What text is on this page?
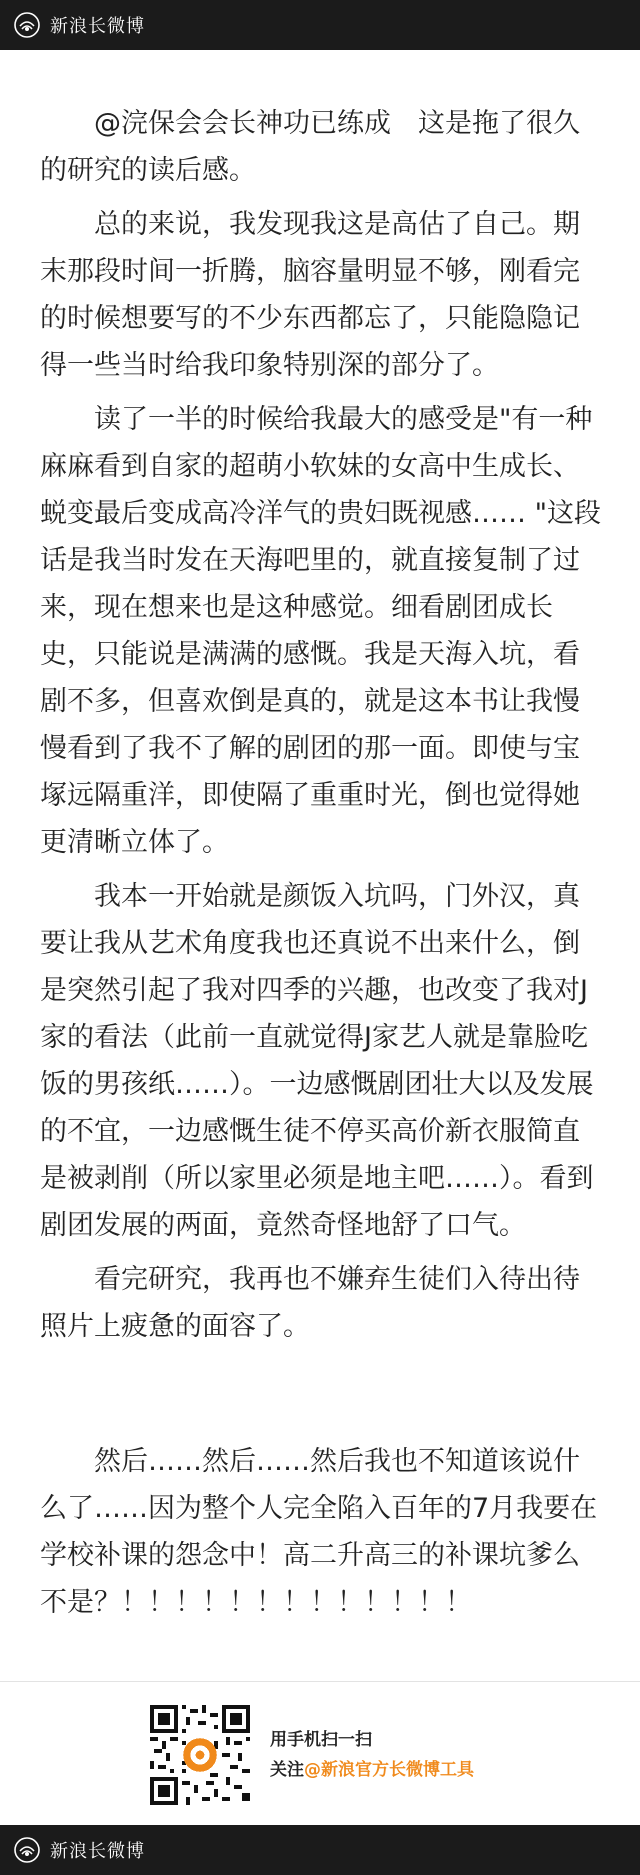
新浪长微博

@浣保会会长神功已练成　这是拖了很久的研究的读后感。

总的来说，我发现我这是高估了自己。期末那段时间一折腾，脑容量明显不够，刚看完的时候想要写的不少东西都忘了，只能隐隐记得一些当时给我印象特别深的部分了。

读了一半的时候给我最大的感受是"有一种麻麻看到自家的超萌小软妹的女高中生成长、蜕变最后变成高冷洋气的贵妇既视感…… "这段话是我当时发在天海吧里的，就直接复制了过来，现在想来也是这种感觉。细看剧团成长史，只能说是满满的感慨。我是天海入坑，看剧不多，但喜欢倒是真的，就是这本书让我慢慢看到了我不了解的剧团的那一面。即使与宝塚远隔重洋，即使隔了重重时光，倒也觉得她更清晰立体了。

我本一开始就是颜饭入坑吗，门外汉，真要让我从艺术角度我也还真说不出来什么，倒是突然引起了我对四季的兴趣，也改变了我对J家的看法（此前一直就觉得J家艺人就是靠脸吃饭的男孩纸……）。一边感慨剧团壮大以及发展的不宜，一边感慨生徒不停买高价新衣服简直是被剥削（所以家里必须是地主吧……）。看到剧团发展的两面，竟然奇怪地舒了口气。

看完研究，我再也不嫌弃生徒们入待出待照片上疲惫的面容了。

然后……然后……然后我也不知道该说什么了……因为整个人完全陷入百年的7月我要在学校补课的怨念中！高二升高三的补课坑爹么不是？！！！！！！！！！！！！！

用手机扫一扫
关注@新浪官方长微博工具
新浪长微博
